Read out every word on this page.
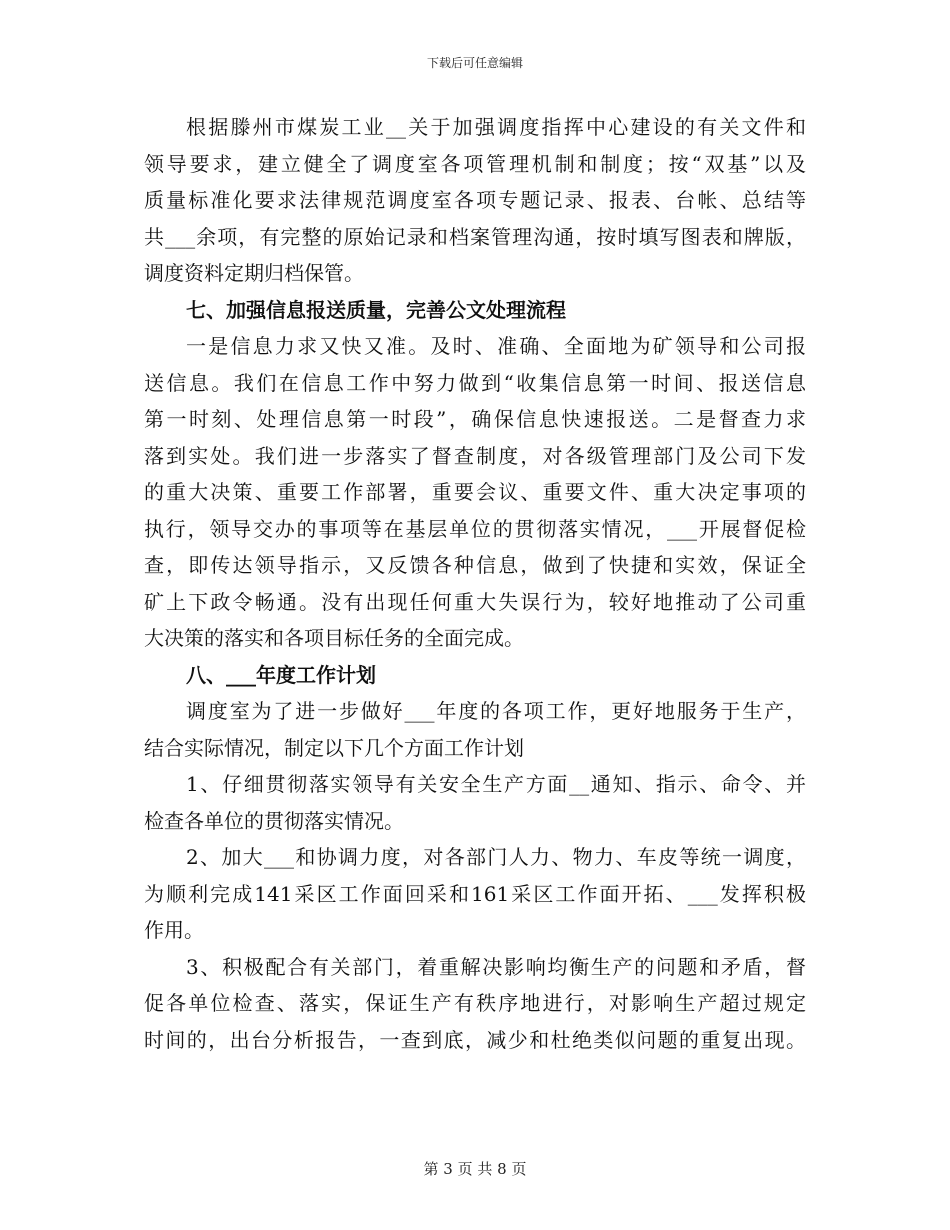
下载后可任意编辑
根据滕州市煤炭工业__关于加强调度指挥中心建设的有关文件和
领导要求，建立健全了调度室各项管理机制和制度；按“双基”以及
质量标准化要求法律规范调度室各项专题记录、报表、台帐、总结等
共___余项，有完整的原始记录和档案管理沟通，按时填写图表和牌版，
调度资料定期归档保管。
七、加强信息报送质量，完善公文处理流程
一是信息力求又快又准。及时、准确、全面地为矿领导和公司报
送信息。我们在信息工作中努力做到“收集信息第一时间、报送信息
第一时刻、处理信息第一时段”，确保信息快速报送。二是督查力求
落到实处。我们进一步落实了督查制度，对各级管理部门及公司下发
的重大决策、重要工作部署，重要会议、重要文件、重大决定事项的
执行，领导交办的事项等在基层单位的贯彻落实情况，___开展督促检
查，即传达领导指示，又反馈各种信息，做到了快捷和实效，保证全
矿上下政令畅通。没有出现任何重大失误行为，较好地推动了公司重
大决策的落实和各项目标任务的全面完成。
八、___年度工作计划
调度室为了进一步做好___年度的各项工作，更好地服务于生产，
结合实际情况，制定以下几个方面工作计划
1、仔细贯彻落实领导有关安全生产方面__通知、指示、命令、并
检查各单位的贯彻落实情况。
2、加大___和协调力度，对各部门人力、物力、车皮等统一调度，
为顺利完成141采区工作面回采和161采区工作面开拓、___发挥积极
作用。
3、积极配合有关部门，着重解决影响均衡生产的问题和矛盾，督
促各单位检查、落实，保证生产有秩序地进行，对影响生产超过规定
时间的，出台分析报告，一查到底，减少和杜绝类似问题的重复出现。
第 3 页 共 8 页
